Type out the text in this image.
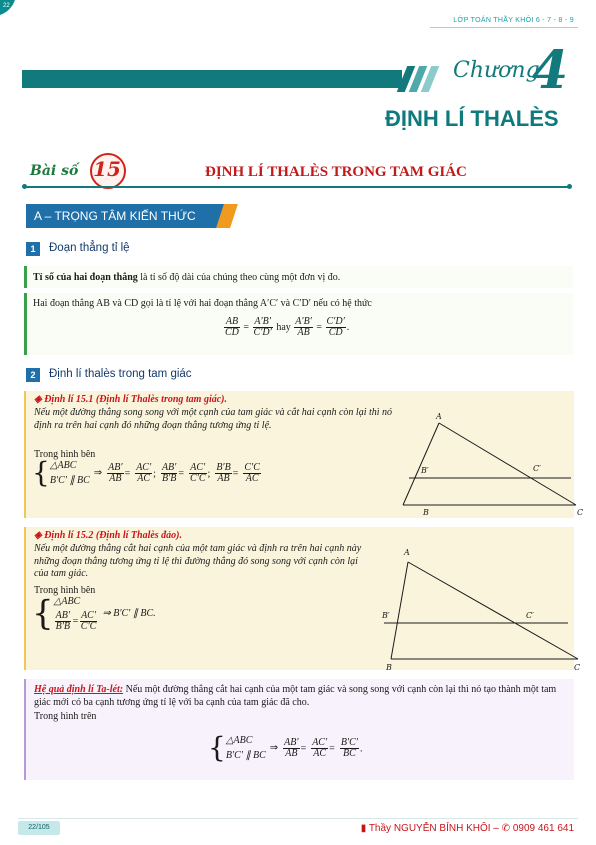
22
LỚP TOÁN THẦY KHÔI 6 - 7 - 8 - 9
Chương
4
ĐỊNH LÍ THALÈS
Bài số 15	ĐỊNH LÍ THALÈS TRONG TAM GIÁC
A – TRỌNG TÂM KIẾN THỨC
1	Đoạn thẳng tỉ lệ
Tỉ số của hai đoạn thẳng là tỉ số độ dài của chúng theo cùng một đơn vị đo.
Hai đoạn thẳng AB và CD gọi là tỉ lệ với hai đoạn thẳng A′C′ và C′D′ nếu có hệ thức
$\frac{AB}{CD} = \frac{A'B'}{C'D'}$ hay $\frac{A'B'}{AB} = \frac{C'D'}{CD}$ .
2	Định lí thalès trong tam giác
◈ Định lí 15.1 (Định lí Thalès trong tam giác).
Nếu một đường thẳng song song với một cạnh của tam giác và cắt hai cạnh còn lại thì nó định ra trên hai cạnh đó những đoạn thẳng tương ứng tỉ lệ.
Trong hình bên
{ △ABC
B′C′ ∥ BC
⇒ $\frac{AB'}{AB} = \frac{AC'}{AC}$ ; $\frac{AB'}{B'B} = \frac{AC'}{C'C}$ ; $\frac{B'B}{AB} = \frac{C'C}{AC}$
A
B′	C′
B	C
◈ Định lí 15.2 (Định lí Thalès đảo).
Nếu một đường thẳng cắt hai cạnh của một tam giác và định ra trên hai cạnh này những đoạn thẳng tương ứng tỉ lệ thì đường thẳng đó song song với cạnh còn lại của tam giác.
Trong hình bên
{ △ABC
$\frac{AB'}{B'B} = \frac{AC'}{C'C}$ ⇒ B′C′ ∥ BC.
A
B′	C′
B	C
Hệ quả định lí Ta-lét: Nếu một đường thẳng cắt hai cạnh của một tam giác và song song với cạnh còn lại thì nó tạo thành một tam giác mới có ba cạnh tương ứng tỉ lệ với ba cạnh của tam giác đã cho.
Trong hình trên
{ △ABC
B′C′ ∥ BC
⇒ $\frac{AB'}{AB} = \frac{AC'}{AC} = \frac{B'C'}{BC}$ .
22/105	▮ Thầy NGUYỄN BỈNH KHÔI – ✆ 0909 461 641
